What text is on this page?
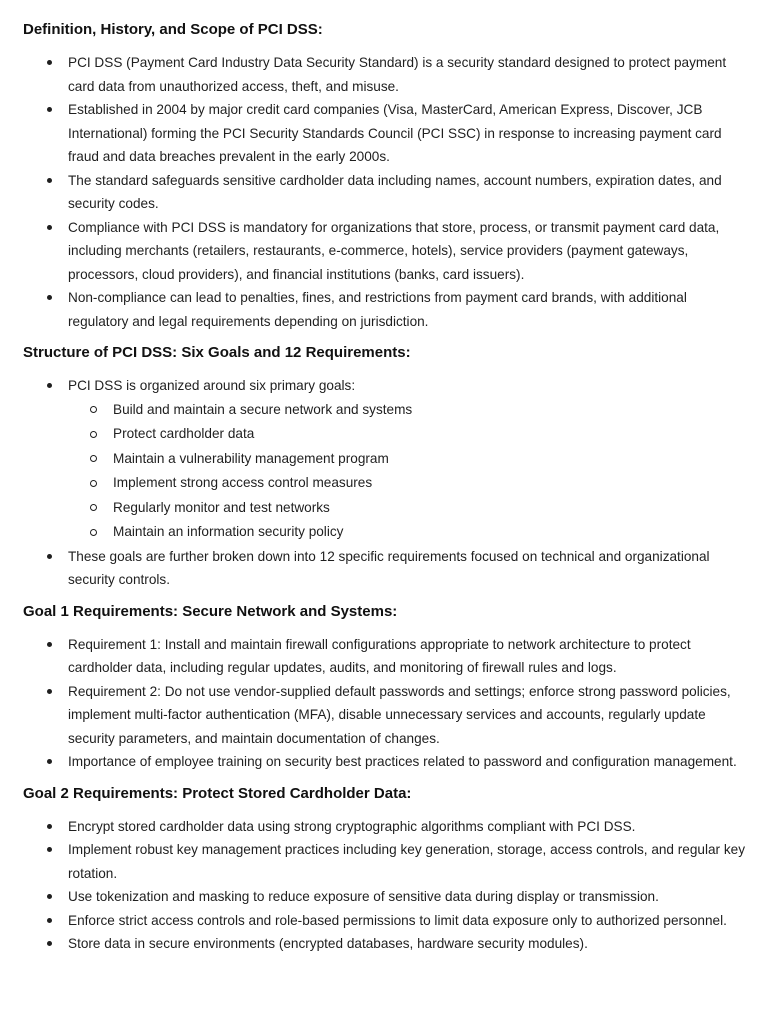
Definition, History, and Scope of PCI DSS:
PCI DSS (Payment Card Industry Data Security Standard) is a security standard designed to protect payment card data from unauthorized access, theft, and misuse.
Established in 2004 by major credit card companies (Visa, MasterCard, American Express, Discover, JCB International) forming the PCI Security Standards Council (PCI SSC) in response to increasing payment card fraud and data breaches prevalent in the early 2000s.
The standard safeguards sensitive cardholder data including names, account numbers, expiration dates, and security codes.
Compliance with PCI DSS is mandatory for organizations that store, process, or transmit payment card data, including merchants (retailers, restaurants, e-commerce, hotels), service providers (payment gateways, processors, cloud providers), and financial institutions (banks, card issuers).
Non-compliance can lead to penalties, fines, and restrictions from payment card brands, with additional regulatory and legal requirements depending on jurisdiction.
Structure of PCI DSS: Six Goals and 12 Requirements:
PCI DSS is organized around six primary goals:
Build and maintain a secure network and systems
Protect cardholder data
Maintain a vulnerability management program
Implement strong access control measures
Regularly monitor and test networks
Maintain an information security policy
These goals are further broken down into 12 specific requirements focused on technical and organizational security controls.
Goal 1 Requirements: Secure Network and Systems:
Requirement 1: Install and maintain firewall configurations appropriate to network architecture to protect cardholder data, including regular updates, audits, and monitoring of firewall rules and logs.
Requirement 2: Do not use vendor-supplied default passwords and settings; enforce strong password policies, implement multi-factor authentication (MFA), disable unnecessary services and accounts, regularly update security parameters, and maintain documentation of changes.
Importance of employee training on security best practices related to password and configuration management.
Goal 2 Requirements: Protect Stored Cardholder Data:
Encrypt stored cardholder data using strong cryptographic algorithms compliant with PCI DSS.
Implement robust key management practices including key generation, storage, access controls, and regular key rotation.
Use tokenization and masking to reduce exposure of sensitive data during display or transmission.
Enforce strict access controls and role-based permissions to limit data exposure only to authorized personnel.
Store data in secure environments (encrypted databases, hardware security modules).
